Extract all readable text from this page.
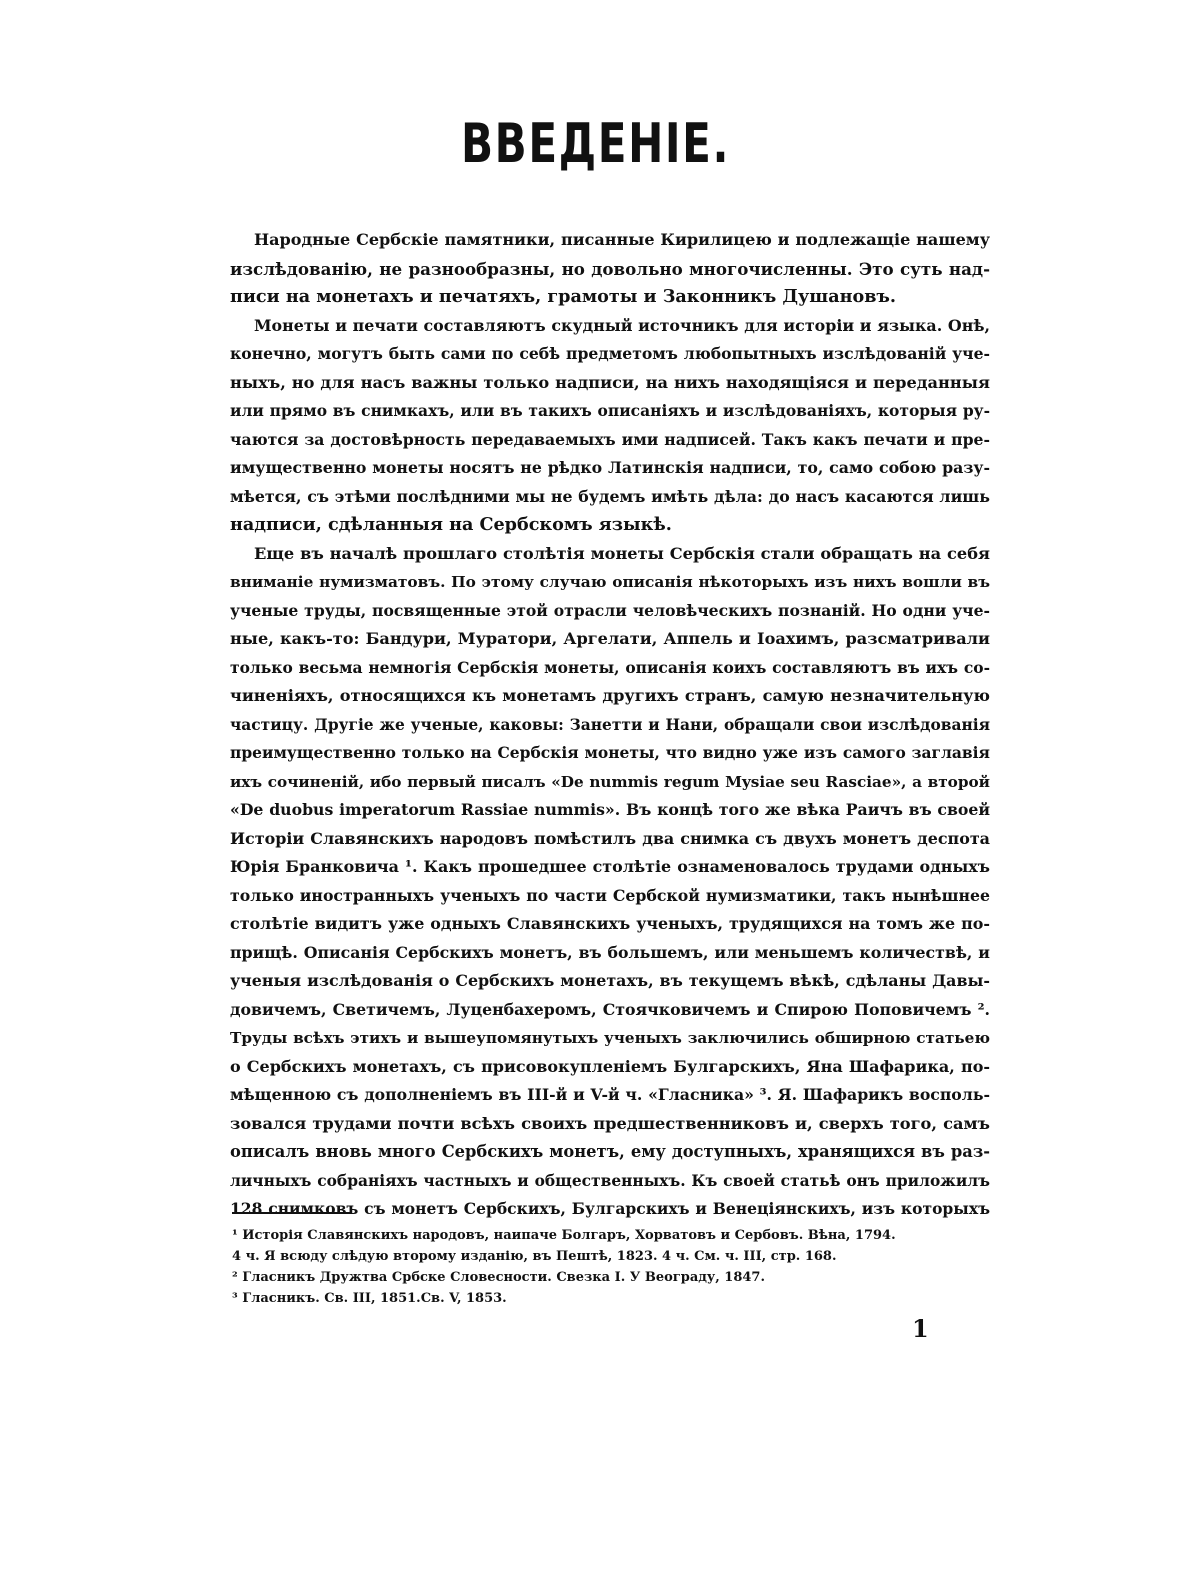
ВВЕДЕНІЕ.
Народные Сербскіе памятники, писанные Кирилицею и подлежащіе нашему
изслѣдованію, не разнообразны, но довольно многочисленны. Это суть над-
писи на монетахъ и печатяхъ, грамоты и Законникъ Душановъ.
Монеты и печати составляютъ скудный источникъ для исторіи и языка. Онѣ,
конечно, могутъ быть сами по себѣ предметомъ любопытныхъ изслѣдованій уче-
ныхъ, но для насъ важны только надписи, на нихъ находящіяся и переданныя
или прямо въ снимкахъ, или въ такихъ описаніяхъ и изслѣдованіяхъ, которыя ру-
чаются за достовѣрность передаваемыхъ ими надписей. Такъ какъ печати и пре-
имущественно монеты носятъ не рѣдко Латинскія надписи, то, само собою разу-
мѣется, съ этѣми послѣдними мы не будемъ имѣть дѣла: до насъ касаются лишь
надписи, сдѣланныя на Сербскомъ языкѣ.
Еще въ началѣ прошлаго столѣтія монеты Сербскія стали обращать на себя
вниманіе нумизматовъ. По этому случаю описанія нѣкоторыхъ изъ нихъ вошли въ
ученые труды, посвященные этой отрасли человѣческихъ познаній. Но одни уче-
ные, какъ-то: Бандури, Муратори, Аргелати, Аппель и Іоахимъ, разсматривали
только весьма немногія Сербскія монеты, описанія коихъ составляютъ въ ихъ со-
чиненіяхъ, относящихся къ монетамъ другихъ странъ, самую незначительную
частицу. Другіе же ученые, каковы: Занетти и Нани, обращали свои изслѣдованія
преимущественно только на Сербскія монеты, что видно уже изъ самого заглавія
ихъ сочиненій, ибо первый писалъ «De nummis regum Mysiae seu Rasciae», а второй
«De duobus imperatorum Rassiae nummis». Въ концѣ того же вѣка Раичъ въ своей
Исторіи Славянскихъ народовъ помѣстилъ два снимка съ двухъ монетъ деспота
Юрія Бранковича ¹. Какъ прошедшее столѣтіе ознаменовалось трудами одныхъ
только иностранныхъ ученыхъ по части Сербской нумизматики, такъ нынѣшнее
столѣтіе видитъ уже одныхъ Славянскихъ ученыхъ, трудящихся на томъ же по-
прищѣ. Описанія Сербскихъ монетъ, въ большемъ, или меньшемъ количествѣ, и
ученыя изслѣдованія о Сербскихъ монетахъ, въ текущемъ вѣкѣ, сдѣланы Давы-
довичемъ, Светичемъ, Луценбахеромъ, Стоячковичемъ и Спирою Поповичемъ ².
Труды всѣхъ этихъ и вышеупомянутыхъ ученыхъ заключились обширною статьею
о Сербскихъ монетахъ, съ присовокупленіемъ Булгарскихъ, Яна Шафарика, по-
мѣщенною съ дополненіемъ въ III-й и V-й ч. «Гласника» ³. Я. Шафарикъ восполь-
зовался трудами почти всѣхъ своихъ предшественниковъ и, сверхъ того, самъ
описалъ вновь много Сербскихъ монетъ, ему доступныхъ, хранящихся въ раз-
личныхъ собраніяхъ частныхъ и общественныхъ. Къ своей статьѣ онъ приложилъ
128 снимковъ съ монетъ Сербскихъ, Булгарскихъ и Венеціянскихъ, изъ которыхъ
¹ Исторія Славянскихъ народовъ, наипаче Болгаръ, Хорватовъ и Сербовъ. Вѣна, 1794.
4 ч. Я всюду слѣдую второму изданію, въ Пештѣ, 1823. 4 ч. См. ч. III, стр. 168.
² Гласникъ Дружтва Србске Словесности. Свезка I. У Веограду, 1847.
³ Гласникъ. Св. III, 1851.Св. V, 1853.
1
